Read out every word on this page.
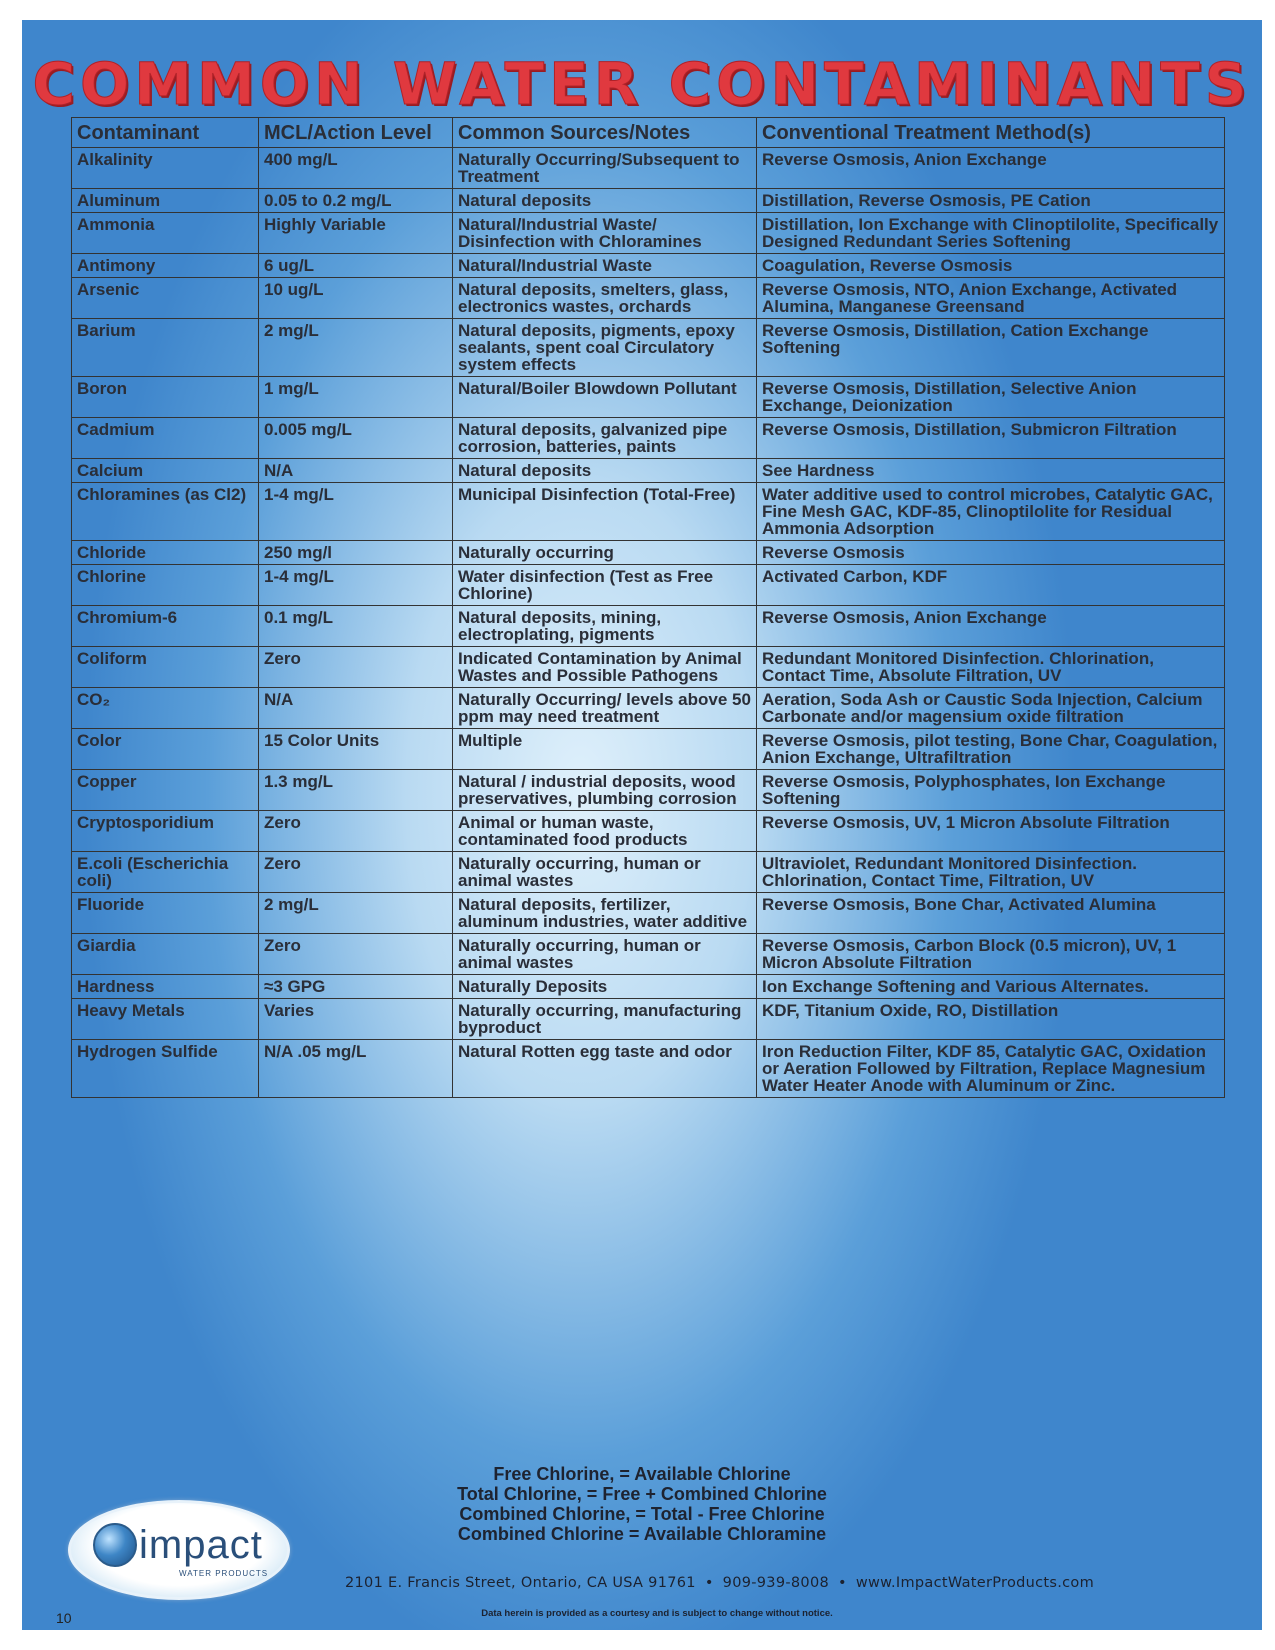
COMMON WATER CONTAMINANTS
Contaminant	MCL/Action Level	Common Sources/Notes	Conventional Treatment Method(s)
Alkalinity	400 mg/L	Naturally Occurring/Subsequent to Treatment	Reverse Osmosis, Anion Exchange
Aluminum	0.05 to 0.2 mg/L	Natural deposits	Distillation, Reverse Osmosis, PE Cation
Ammonia	Highly Variable	Natural/Industrial Waste/ Disinfection with Chloramines	Distillation, Ion Exchange with Clinoptilolite, Specifically Designed Redundant Series Softening
Antimony	6 ug/L	Natural/Industrial Waste	Coagulation, Reverse Osmosis
Arsenic	10 ug/L	Natural deposits, smelters, glass, electronics wastes, orchards	Reverse Osmosis, NTO, Anion Exchange, Activated Alumina, Manganese Greensand
Barium	2 mg/L	Natural deposits, pigments, epoxy sealants, spent coal Circulatory system effects	Reverse Osmosis, Distillation, Cation Exchange Softening
Boron	1 mg/L	Natural/Boiler Blowdown Pollutant	Reverse Osmosis, Distillation, Selective Anion Exchange, Deionization
Cadmium	0.005 mg/L	Natural deposits, galvanized pipe corrosion, batteries, paints	Reverse Osmosis, Distillation, Submicron Filtration
Calcium	N/A	Natural deposits	See Hardness
Chloramines (as Cl2)	1-4 mg/L	Municipal Disinfection (Total-Free)	Water additive used to control microbes, Catalytic GAC, Fine Mesh GAC, KDF-85, Clinoptilolite for Residual Ammonia Adsorption
Chloride	250 mg/l	Naturally occurring	Reverse Osmosis
Chlorine	1-4 mg/L	Water disinfection (Test as Free Chlorine)	Activated Carbon, KDF
Chromium-6	0.1 mg/L	Natural deposits, mining, electroplating, pigments	Reverse Osmosis, Anion Exchange
Coliform	Zero	Indicated Contamination by Animal Wastes and Possible Pathogens	Redundant Monitored Disinfection. Chlorination, Contact Time, Absolute Filtration, UV
CO₂	N/A	Naturally Occurring/ levels above 50 ppm may need treatment	Aeration, Soda Ash or Caustic Soda Injection, Calcium Carbonate and/or magensium oxide filtration
Color	15 Color Units	Multiple	Reverse Osmosis, pilot testing, Bone Char, Coagulation, Anion Exchange, Ultrafiltration
Copper	1.3 mg/L	Natural / industrial deposits, wood preservatives, plumbing corrosion	Reverse Osmosis, Polyphosphates, Ion Exchange Softening
Cryptosporidium	Zero	Animal or human waste, contaminated food products	Reverse Osmosis, UV, 1 Micron Absolute Filtration
E.coli (Escherichia coli)	Zero	Naturally occurring, human or animal wastes	Ultraviolet, Redundant Monitored Disinfection. Chlorination, Contact Time, Filtration, UV
Fluoride	2 mg/L	Natural deposits, fertilizer, aluminum industries, water additive	Reverse Osmosis, Bone Char, Activated Alumina
Giardia	Zero	Naturally occurring, human or animal wastes	Reverse Osmosis, Carbon Block (0.5 micron), UV, 1 Micron Absolute Filtration
Hardness	≈3 GPG	Naturally Deposits	Ion Exchange Softening and Various Alternates.
Heavy Metals	Varies	Naturally occurring, manufacturing byproduct	KDF, Titanium Oxide, RO, Distillation
Hydrogen Sulfide	N/A .05 mg/L	Natural Rotten egg taste and odor	Iron Reduction Filter, KDF 85, Catalytic GAC, Oxidation or Aeration Followed by Filtration, Replace Magnesium Water Heater Anode with Aluminum or Zinc.
Free Chlorine, = Available Chlorine
Total Chlorine, = Free + Combined Chlorine
Combined Chlorine, = Total - Free Chlorine
Combined Chlorine = Available Chloramine
impact
WATER PRODUCTS
10
2101 E. Francis Street, Ontario, CA USA 91761 • 909-939-8008 • www.ImpactWaterProducts.com
Data herein is provided as a courtesy and is subject to change without notice.
